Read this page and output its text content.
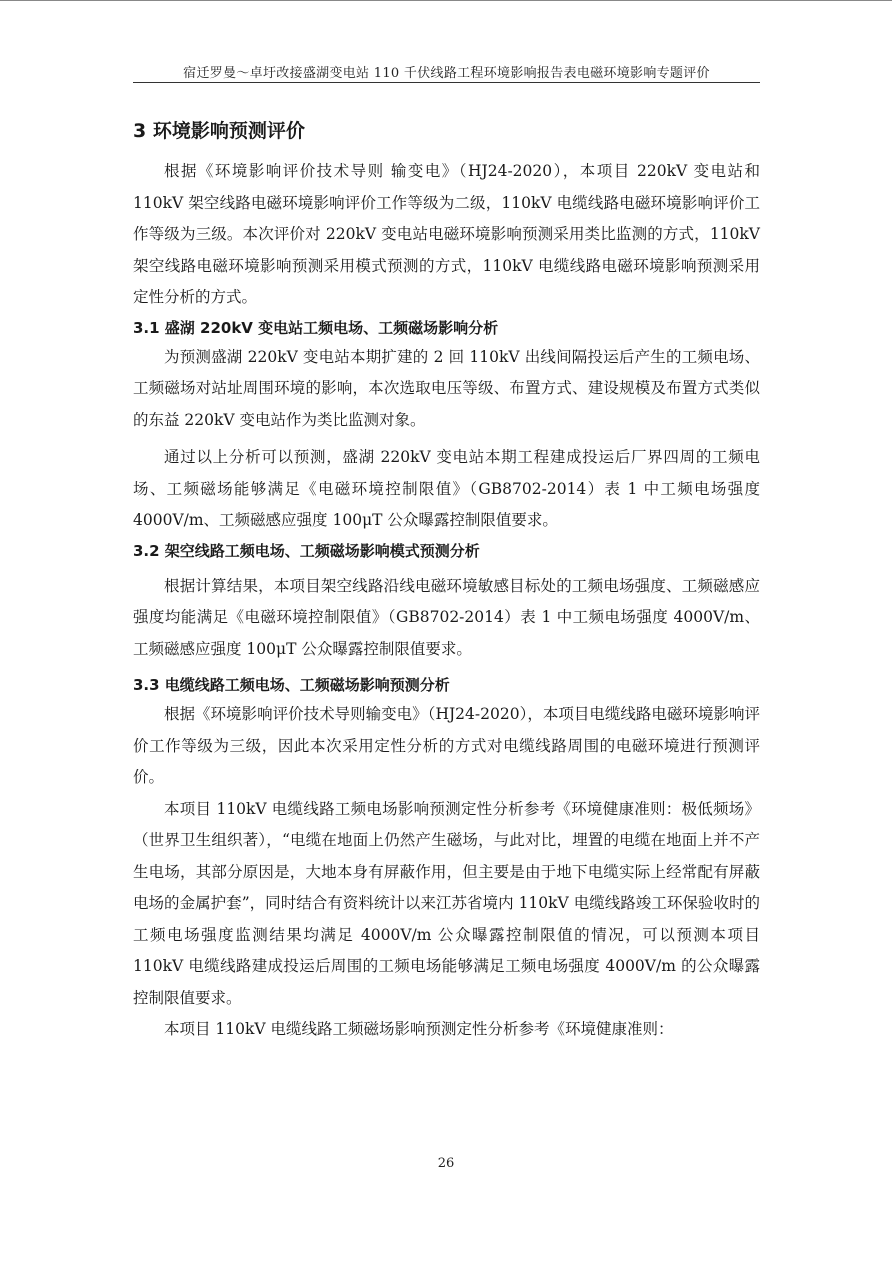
宿迁罗曼～卓圩改接盛湖变电站 110 千伏线路工程环境影响报告表电磁环境影响专题评价
3 环境影响预测评价

根据《环境影响评价技术导则 输变电》（HJ24-2020），本项目 220kV 变电站和 110kV 架空线路电磁环境影响评价工作等级为二级，110kV 电缆线路电磁环境影响评价工作等级为三级。本次评价对 220kV 变电站电磁环境影响预测采用类比监测的方式，110kV 架空线路电磁环境影响预测采用模式预测的方式，110kV 电缆线路电磁环境影响预测采用定性分析的方式。

3.1 盛湖 220kV 变电站工频电场、工频磁场影响分析

为预测盛湖 220kV 变电站本期扩建的 2 回 110kV 出线间隔投运后产生的工频电场、工频磁场对站址周围环境的影响，本次选取电压等级、布置方式、建设规模及布置方式类似的东益 220kV 变电站作为类比监测对象。

通过以上分析可以预测，盛湖 220kV 变电站本期工程建成投运后厂界四周的工频电场、工频磁场能够满足《电磁环境控制限值》（GB8702-2014）表 1 中工频电场强度 4000V/m、工频磁感应强度 100μT 公众曝露控制限值要求。

3.2 架空线路工频电场、工频磁场影响模式预测分析

根据计算结果，本项目架空线路沿线电磁环境敏感目标处的工频电场强度、工频磁感应强度均能满足《电磁环境控制限值》（GB8702-2014）表 1 中工频电场强度 4000V/m、工频磁感应强度 100μT 公众曝露控制限值要求。

3.3 电缆线路工频电场、工频磁场影响预测分析

根据《环境影响评价技术导则输变电》（HJ24-2020），本项目电缆线路电磁环境影响评价工作等级为三级，因此本次采用定性分析的方式对电缆线路周围的电磁环境进行预测评价。

本项目 110kV 电缆线路工频电场影响预测定性分析参考《环境健康准则：极低频场》（世界卫生组织著），“电缆在地面上仍然产生磁场，与此对比，埋置的电缆在地面上并不产生电场，其部分原因是，大地本身有屏蔽作用，但主要是由于地下电缆实际上经常配有屏蔽电场的金属护套”，同时结合有资料统计以来江苏省境内 110kV 电缆线路竣工环保验收时的工频电场强度监测结果均满足 4000V/m 公众曝露控制限值的情况，可以预测本项目 110kV 电缆线路建成投运后周围的工频电场能够满足工频电场强度 4000V/m 的公众曝露控制限值要求。

本项目 110kV 电缆线路工频磁场影响预测定性分析参考《环境健康准则：

26
